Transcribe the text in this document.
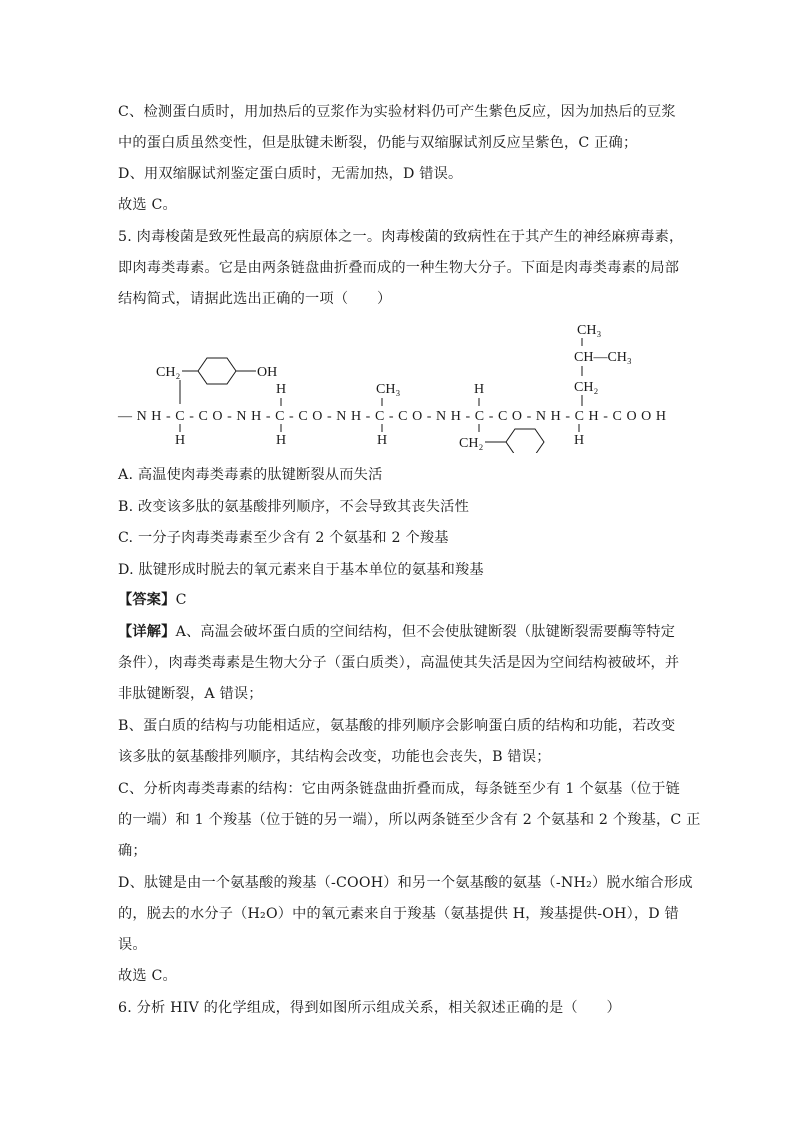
C、检测蛋白质时，用加热后的豆浆作为实验材料仍可产生紫色反应，因为加热后的豆浆
中的蛋白质虽然变性，但是肽键未断裂，仍能与双缩脲试剂反应呈紫色，C 正确；
D、用双缩脲试剂鉴定蛋白质时，无需加热，D 错误。
故选 C。
5. 肉毒梭菌是致死性最高的病原体之一。肉毒梭菌的致病性在于其产生的神经麻痹毒素，
即肉毒类毒素。它是由两条链盘曲折叠而成的一种生物大分子。下面是肉毒类毒素的局部
结构简式，请据此选出正确的一项（　　）
CH₂	OH
H	CH₃	H
CH₃
CH—CH₃
CH₂
—NH-C-CO-NH-C-CO-NH-C-CO-NH-C-CO-NH-CH-COOH
H	H	H	CH₂	H
A. 高温使肉毒类毒素的肽键断裂从而失活
B. 改变该多肽的氨基酸排列顺序，不会导致其丧失活性
C. 一分子肉毒类毒素至少含有 2 个氨基和 2 个羧基
D. 肽键形成时脱去的氧元素来自于基本单位的氨基和羧基
【答案】C
【详解】A、高温会破坏蛋白质的空间结构，但不会使肽键断裂（肽键断裂需要酶等特定
条件），肉毒类毒素是生物大分子（蛋白质类），高温使其失活是因为空间结构被破坏，并
非肽键断裂，A 错误；
B、蛋白质的结构与功能相适应，氨基酸的排列顺序会影响蛋白质的结构和功能，若改变
该多肽的氨基酸排列顺序，其结构会改变，功能也会丧失，B 错误；
C、分析肉毒类毒素的结构：它由两条链盘曲折叠而成，每条链至少有 1 个氨基（位于链
的一端）和 1 个羧基（位于链的另一端），所以两条链至少含有 2 个氨基和 2 个羧基，C 正
确；
D、肽键是由一个氨基酸的羧基（-COOH）和另一个氨基酸的氨基（-NH₂）脱水缩合形成
的，脱去的水分子（H₂O）中的氧元素来自于羧基（氨基提供 H，羧基提供-OH），D 错
误。
故选 C。
6. 分析 HIV 的化学组成，得到如图所示组成关系，相关叙述正确的是（　　）
